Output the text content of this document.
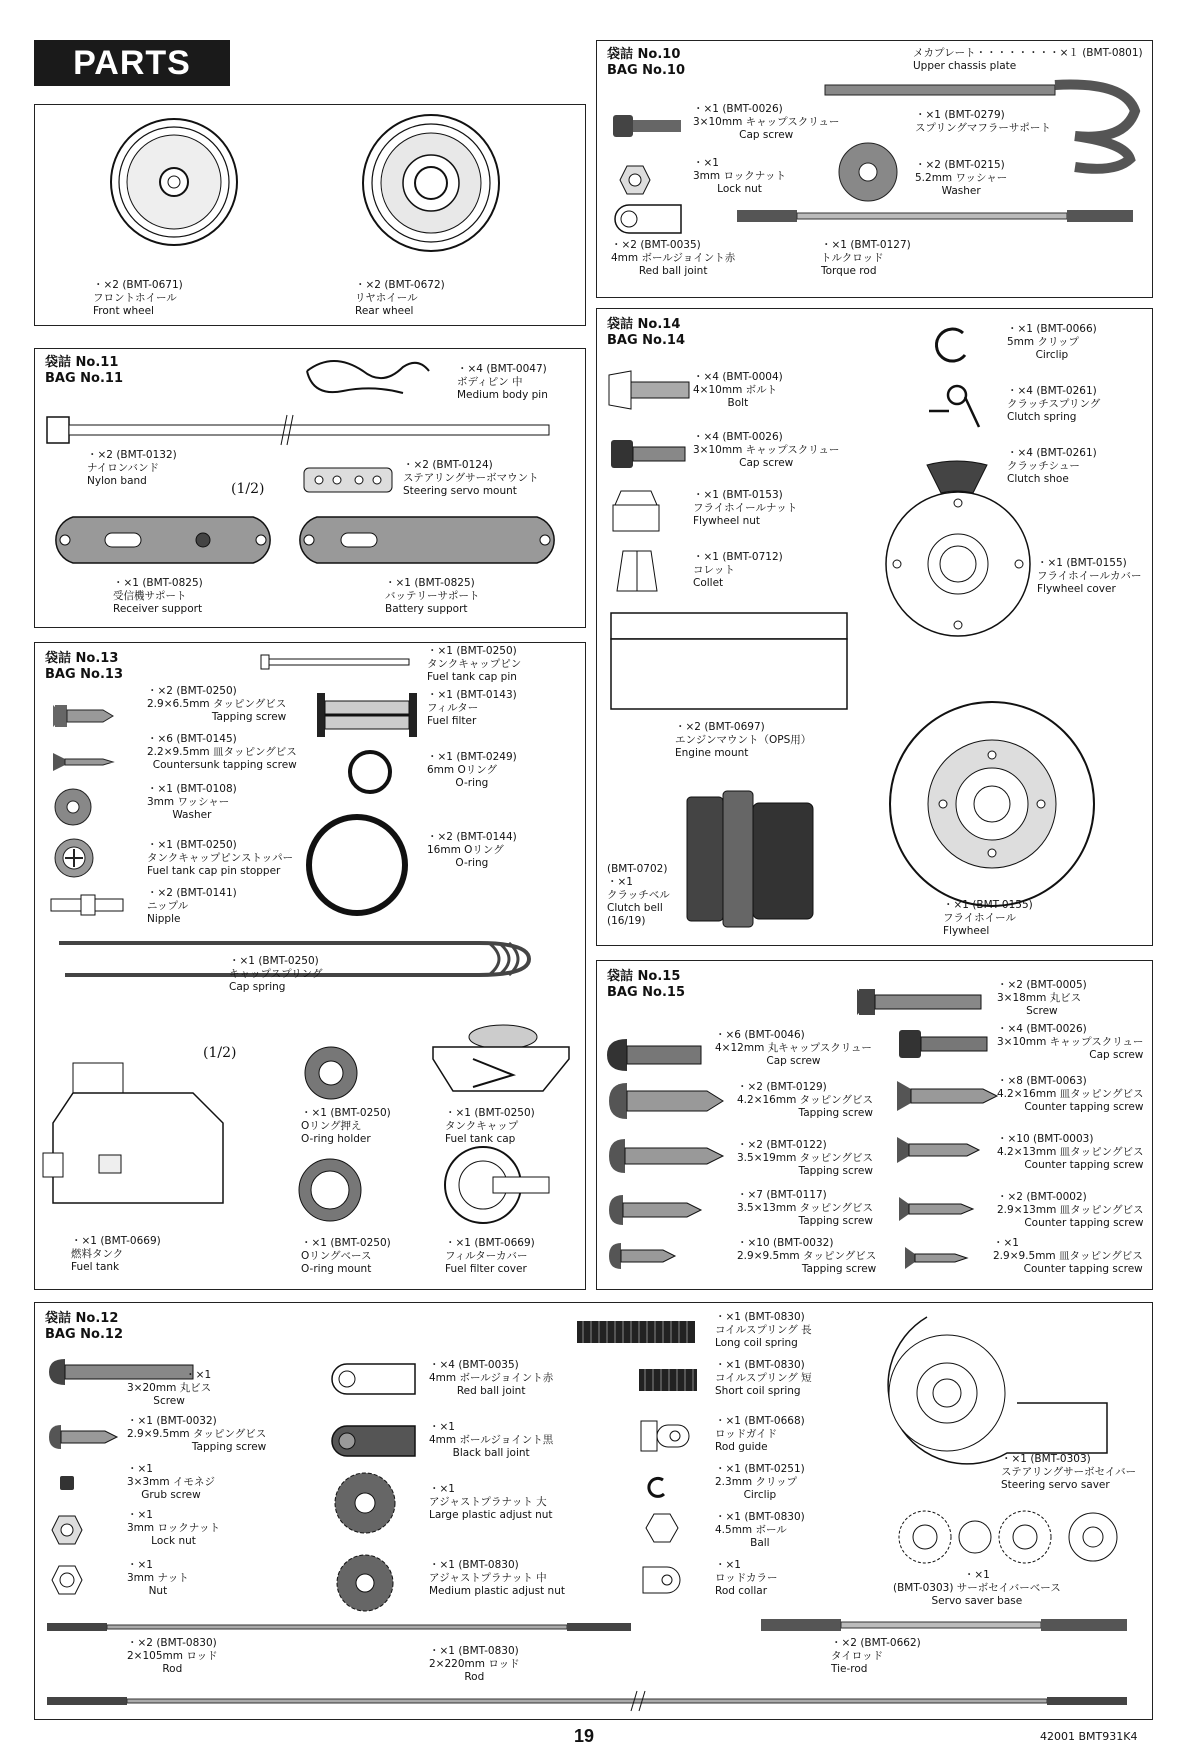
PARTS
・×2 (BMT-0671)
フロントホイール
Front wheel
・×2 (BMT-0672)
リヤホイール
Rear wheel
袋詰 No.10
BAG No.10
メカプレート・・・・・・・・×１ (BMT-0801)
Upper chassis plate
・×1 (BMT-0026)
3×10mm キャップスクリュー
Cap screw
・×1 (BMT-0279)
スプリングマフラーサポート
・×1
3mm ロックナット
Lock nut
・×2 (BMT-0215)
5.2mm ワッシャー
Washer
・×2 (BMT-0035)
4mm ボールジョイント赤
Red ball joint
・×1 (BMT-0127)
トルクロッド
Torque rod
袋詰 No.11
BAG No.11
・×4 (BMT-0047)
ボディピン 中
Medium body pin
・×2 (BMT-0132)
ナイロンバンド
Nylon band	(1/2)
・×2 (BMT-0124)
ステアリングサーボマウント
Steering servo mount
・×1 (BMT-0825)
受信機サポート
Receiver support
・×1 (BMT-0825)
バッテリーサポート
Battery support
袋詰 No.13
BAG No.13
・×1 (BMT-0250)
タンクキャップピン
Fuel tank cap pin
・×2 (BMT-0250)
2.9×6.5mm タッピングビス
Tapping screw
・×1 (BMT-0143)
フィルター
Fuel filter
・×6 (BMT-0145)
2.2×9.5mm 皿タッピングビス
Countersunk tapping screw
・×1 (BMT-0249)
6mm Oリング
O-ring
・×1 (BMT-0108)
3mm ワッシャー
Washer
・×1 (BMT-0250)
タンクキャップピンストッパー
Fuel tank cap pin stopper
・×2 (BMT-0144)
16mm Oリング
O-ring
・×2 (BMT-0141)
ニップル
Nipple
・×1 (BMT-0250)
キャップスプリング
Cap spring
(1/2)
・×1 (BMT-0250)
Oリング押え
O-ring holder
・×1 (BMT-0250)
タンクキャップ
Fuel tank cap
・×1 (BMT-0669)
燃料タンク
Fuel tank
・×1 (BMT-0250)
Oリングベース
O-ring mount
・×1 (BMT-0669)
フィルターカバー
Fuel filter cover
袋詰 No.14
BAG No.14
・×1 (BMT-0066)
5mm クリップ
Circlip
・×4 (BMT-0004)
4×10mm ボルト
Bolt
・×4 (BMT-0261)
クラッチスプリング
Clutch spring
・×4 (BMT-0026)
3×10mm キャップスクリュー
Cap screw
・×4 (BMT-0261)
クラッチシュー
Clutch shoe
・×1 (BMT-0153)
フライホイールナット
Flywheel nut
・×1 (BMT-0712)
コレット
Collet
・×1 (BMT-0155)
フライホイールカバー
Flywheel cover
・×2 (BMT-0697)
エンジンマウント（OPS用）
Engine mount
(BMT-0702)
・×1
クラッチベル
Clutch bell
(16/19)
・×1 (BMT-0155)
フライホイール
Flywheel
袋詰 No.15
BAG No.15	・×2 (BMT-0005)
3×18mm 丸ビス
Screw
・×6 (BMT-0046)
4×12mm 丸キャップスクリュー
Cap screw
・×4 (BMT-0026)
3×10mm キャップスクリュー
Cap screw
・×2 (BMT-0129)
4.2×16mm タッピングビス
Tapping screw
・×8 (BMT-0063)
4.2×16mm 皿タッピングビス
Counter tapping screw
・×2 (BMT-0122)
3.5×19mm タッピングビス
Tapping screw
・×10 (BMT-0003)
4.2×13mm 皿タッピングビス
Counter tapping screw
・×7 (BMT-0117)
3.5×13mm タッピングビス
Tapping screw
・×2 (BMT-0002)
2.9×13mm 皿タッピングビス
Counter tapping screw
・×10 (BMT-0032)
2.9×9.5mm タッピングビス
Tapping screw
・×1
2.9×9.5mm 皿タッピングビス
Counter tapping screw
袋詰 No.12
BAG No.12
・×1
3×20mm 丸ビス
Screw
・×4 (BMT-0035)
4mm ボールジョイント赤
Red ball joint
・×1 (BMT-0830)
コイルスプリング 長
Long coil spring
・×1 (BMT-0032)
2.9×9.5mm タッピングビス
Tapping screw
・×1 (BMT-0830)
コイルスプリング 短
Short coil spring
・×1
4mm ボールジョイント黒
Black ball joint
・×1 (BMT-0668)
ロッドガイド
Rod guide
・×1
3×3mm イモネジ
Grub screw
・×1 (BMT-0251)
2.3mm クリップ
Circlip
・×1
アジャストプラナット 大
Large plastic adjust nut
・×1 (BMT-0303)
ステアリングサーボセイバー
Steering servo saver
・×1
3mm ロックナット
Lock nut
・×1 (BMT-0830)
4.5mm ボール
Ball
・×1
3mm ナット
Nut
・×1 (BMT-0830)
アジャストプラナット 中
Medium plastic adjust nut
・×1
ロッドカラー
Rod collar
・×1
(BMT-0303) サーボセイバーベース
Servo saver base
・×2 (BMT-0830)
2×105mm ロッド
Rod
・×2 (BMT-0662)
タイロッド
Tie-rod
・×1 (BMT-0830)
2×220mm ロッド
Rod
19	42001 BMT931K4
